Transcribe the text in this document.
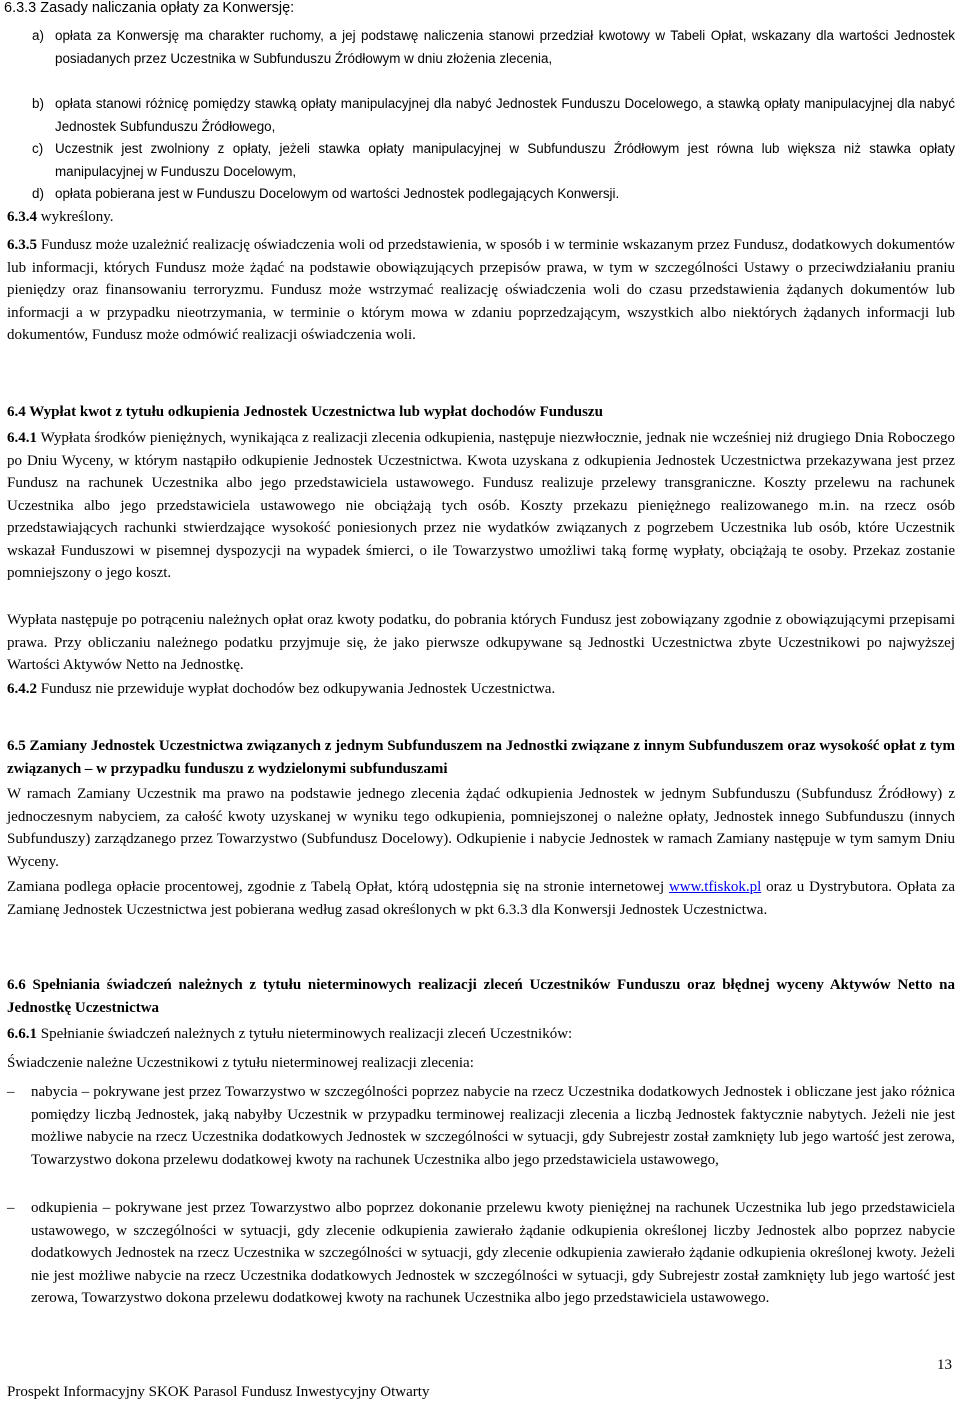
6.3.3 Zasady naliczania opłaty za Konwersję:
a) opłata za Konwersję ma charakter ruchomy, a jej podstawę naliczenia stanowi przedział kwotowy w Tabeli Opłat, wskazany dla wartości Jednostek posiadanych przez Uczestnika w Subfunduszu Źródłowym w dniu złożenia zlecenia,
b) opłata stanowi różnicę pomiędzy stawką opłaty manipulacyjnej dla nabyć Jednostek Funduszu Docelowego, a stawką opłaty manipulacyjnej dla nabyć Jednostek Subfunduszu Źródłowego,
c) Uczestnik jest zwolniony z opłaty, jeżeli stawka opłaty manipulacyjnej w Subfunduszu Źródłowym jest równa lub większa niż stawka opłaty manipulacyjnej w Funduszu Docelowym,
d) opłata pobierana jest w Funduszu Docelowym od wartości Jednostek podlegających Konwersji.
6.3.4 wykreślony.
6.3.5 Fundusz może uzależnić realizację oświadczenia woli od przedstawienia, w sposób i w terminie wskazanym przez Fundusz, dodatkowych dokumentów lub informacji, których Fundusz może żądać na podstawie obowiązujących przepisów prawa, w tym w szczególności Ustawy o przeciwdziałaniu praniu pieniędzy oraz finansowaniu terroryzmu. Fundusz może wstrzymać realizację oświadczenia woli do czasu przedstawienia żądanych dokumentów lub informacji a w przypadku nieotrzymania, w terminie o którym mowa w zdaniu poprzedzającym, wszystkich albo niektórych żądanych informacji lub dokumentów, Fundusz może odmówić realizacji oświadczenia woli.
6.4 Wypłat kwot z tytułu odkupienia Jednostek Uczestnictwa lub wypłat dochodów Funduszu
6.4.1 Wypłata środków pieniężnych, wynikająca z realizacji zlecenia odkupienia, następuje niezwłocznie, jednak nie wcześniej niż drugiego Dnia Roboczego po Dniu Wyceny, w którym nastąpiło odkupienie Jednostek Uczestnictwa. Kwota uzyskana z odkupienia Jednostek Uczestnictwa przekazywana jest przez Fundusz na rachunek Uczestnika albo jego przedstawiciela ustawowego. Fundusz realizuje przelewy transgraniczne. Koszty przelewu na rachunek Uczestnika albo jego przedstawiciela ustawowego nie obciążają tych osób. Koszty przekazu pieniężnego realizowanego m.in. na rzecz osób przedstawiających rachunki stwierdzające wysokość poniesionych przez nie wydatków związanych z pogrzebem Uczestnika lub osób, które Uczestnik wskazał Funduszowi w pisemnej dyspozycji na wypadek śmierci, o ile Towarzystwo umożliwi taką formę wypłaty, obciążają te osoby. Przekaz zostanie pomniejszony o jego koszt.
Wypłata następuje po potrąceniu należnych opłat oraz kwoty podatku, do pobrania których Fundusz jest zobowiązany zgodnie z obowiązującymi przepisami prawa. Przy obliczaniu należnego podatku przyjmuje się, że jako pierwsze odkupywane są Jednostki Uczestnictwa zbyte Uczestnikowi po najwyższej Wartości Aktywów Netto na Jednostkę.
6.4.2 Fundusz nie przewiduje wypłat dochodów bez odkupywania Jednostek Uczestnictwa.
6.5 Zamiany Jednostek Uczestnictwa związanych z jednym Subfunduszem na Jednostki związane z innym Subfunduszem oraz wysokość opłat z tym związanych – w przypadku funduszu z wydzielonymi subfunduszami
W ramach Zamiany Uczestnik ma prawo na podstawie jednego zlecenia żądać odkupienia Jednostek w jednym Subfunduszu (Subfundusz Źródłowy) z jednoczesnym nabyciem, za całość kwoty uzyskanej w wyniku tego odkupienia, pomniejszonej o należne opłaty, Jednostek innego Subfunduszu (innych Subfunduszy) zarządzanego przez Towarzystwo (Subfundusz Docelowy). Odkupienie i nabycie Jednostek w ramach Zamiany następuje w tym samym Dniu Wyceny.
Zamiana podlega opłacie procentowej, zgodnie z Tabelą Opłat, którą udostępnia się na stronie internetowej www.tfiskok.pl oraz u Dystrybutora. Opłata za Zamianę Jednostek Uczestnictwa jest pobierana według zasad określonych w pkt 6.3.3 dla Konwersji Jednostek Uczestnictwa.
6.6 Spełniania świadczeń należnych z tytułu nieterminowych realizacji zleceń Uczestników Funduszu oraz błędnej wyceny Aktywów Netto na Jednostkę Uczestnictwa
6.6.1 Spełnianie świadczeń należnych z tytułu nieterminowych realizacji zleceń Uczestników:
Świadczenie należne Uczestnikowi z tytułu nieterminowej realizacji zlecenia:
–	nabycia – pokrywane jest przez Towarzystwo w szczególności poprzez nabycie na rzecz Uczestnika dodatkowych Jednostek i obliczane jest jako różnica pomiędzy liczbą Jednostek, jaką nabyłby Uczestnik w przypadku terminowej realizacji zlecenia a liczbą Jednostek faktycznie nabytych. Jeżeli nie jest możliwe nabycie na rzecz Uczestnika dodatkowych Jednostek w szczególności w sytuacji, gdy Subrejestr został zamknięty lub jego wartość jest zerowa, Towarzystwo dokona przelewu dodatkowej kwoty na rachunek Uczestnika albo jego przedstawiciela ustawowego,
–	odkupienia – pokrywane jest przez Towarzystwo albo poprzez dokonanie przelewu kwoty pieniężnej na rachunek Uczestnika lub jego przedstawiciela ustawowego, w szczególności w sytuacji, gdy zlecenie odkupienia zawierało żądanie odkupienia określonej liczby Jednostek albo poprzez nabycie dodatkowych Jednostek na rzecz Uczestnika w szczególności w sytuacji, gdy zlecenie odkupienia zawierało żądanie odkupienia określonej kwoty. Jeżeli nie jest możliwe nabycie na rzecz Uczestnika dodatkowych Jednostek w szczególności w sytuacji, gdy Subrejestr został zamknięty lub jego wartość jest zerowa, Towarzystwo dokona przelewu dodatkowej kwoty na rachunek Uczestnika albo jego przedstawiciela ustawowego.
13
Prospekt Informacyjny SKOK Parasol Fundusz Inwestycyjny Otwarty
